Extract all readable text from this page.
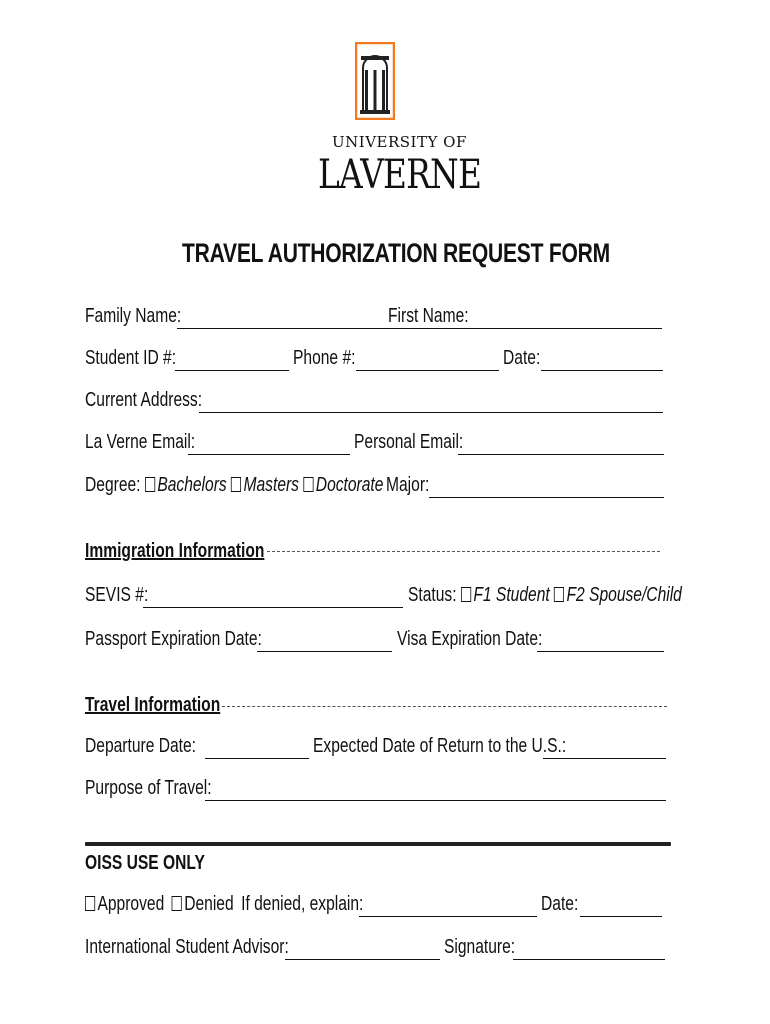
UNIVERSITY OF
LAVERNE
TRAVEL AUTHORIZATION REQUEST FORM
Family Name:	First Name:
Student ID #:	Phone #:	Date:
Current Address:
La Verne Email:	Personal Email:
Degree: Bachelors Masters Doctorate Major:
Immigration Information
SEVIS #:	Status: F1 Student F2 Spouse/Child
Passport Expiration Date:	Visa Expiration Date:
Travel Information
Departure Date:	Expected Date of Return to the U.S.:
Purpose of Travel:
OISS USE ONLY
Approved Denied If denied, explain:	Date:
International Student Advisor:	Signature:
